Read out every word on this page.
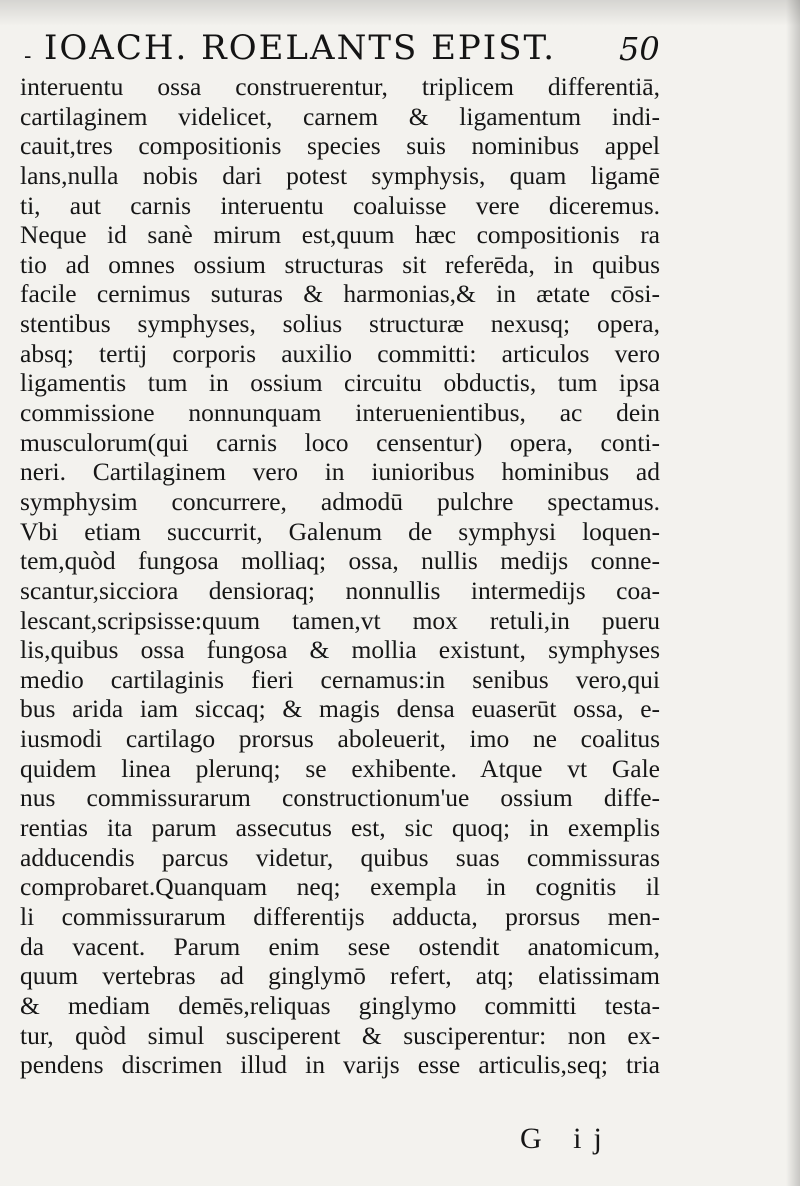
- IOACH. ROELANTS EPIST. 50
interuentu ossa construerentur, triplicem differentiā,
cartilaginem videlicet, carnem & ligamentum indi-
cauit,tres compositionis species suis nominibus appel
lans,nulla nobis dari potest symphysis, quam ligamē
ti, aut carnis interuentu coaluisse vere diceremus.
Neque id sanè mirum est,quum hæc compositionis ra
tio ad omnes ossium structuras sit referēda, in quibus
facile cernimus suturas & harmonias,& in ætate cōsi-
stentibus symphyses, solius structuræ nexusq; opera,
absq; tertij corporis auxilio committi: articulos vero
ligamentis tum in ossium circuitu obductis, tum ipsa
commissione nonnunquam interuenientibus, ac dein
musculorum(qui carnis loco censentur) opera, conti-
neri. Cartilaginem vero in iunioribus hominibus ad
symphysim concurrere, admodū pulchre spectamus.
Vbi etiam succurrit, Galenum de symphysi loquen-
tem,quòd fungosa molliaq; ossa, nullis medijs conne-
scantur,sicciora densioraq; nonnullis intermedijs coa-
lescant,scripsisse:quum tamen,vt mox retuli,in pueru
lis,quibus ossa fungosa & mollia existunt, symphyses
medio cartilaginis fieri cernamus:in senibus vero,qui
bus arida iam siccaq; & magis densa euaserūt ossa, e-
iusmodi cartilago prorsus aboleuerit, imo ne coalitus
quidem linea plerunq; se exhibente. Atque vt Gale
nus commissurarum constructionum'ue ossium diffe-
rentias ita parum assecutus est, sic quoq; in exemplis
adducendis parcus videtur, quibus suas commissuras
comprobaret.Quanquam neq; exempla in cognitis il
li commissurarum differentijs adducta, prorsus men-
da vacent. Parum enim sese ostendit anatomicum,
quum vertebras ad ginglymō refert, atq; elatissimam
& mediam demēs,reliquas ginglymo committi testa-
tur, quòd simul susciperent & susciperentur: non ex-
pendens discrimen illud in varijs esse articulis,seq; tria
G ij
